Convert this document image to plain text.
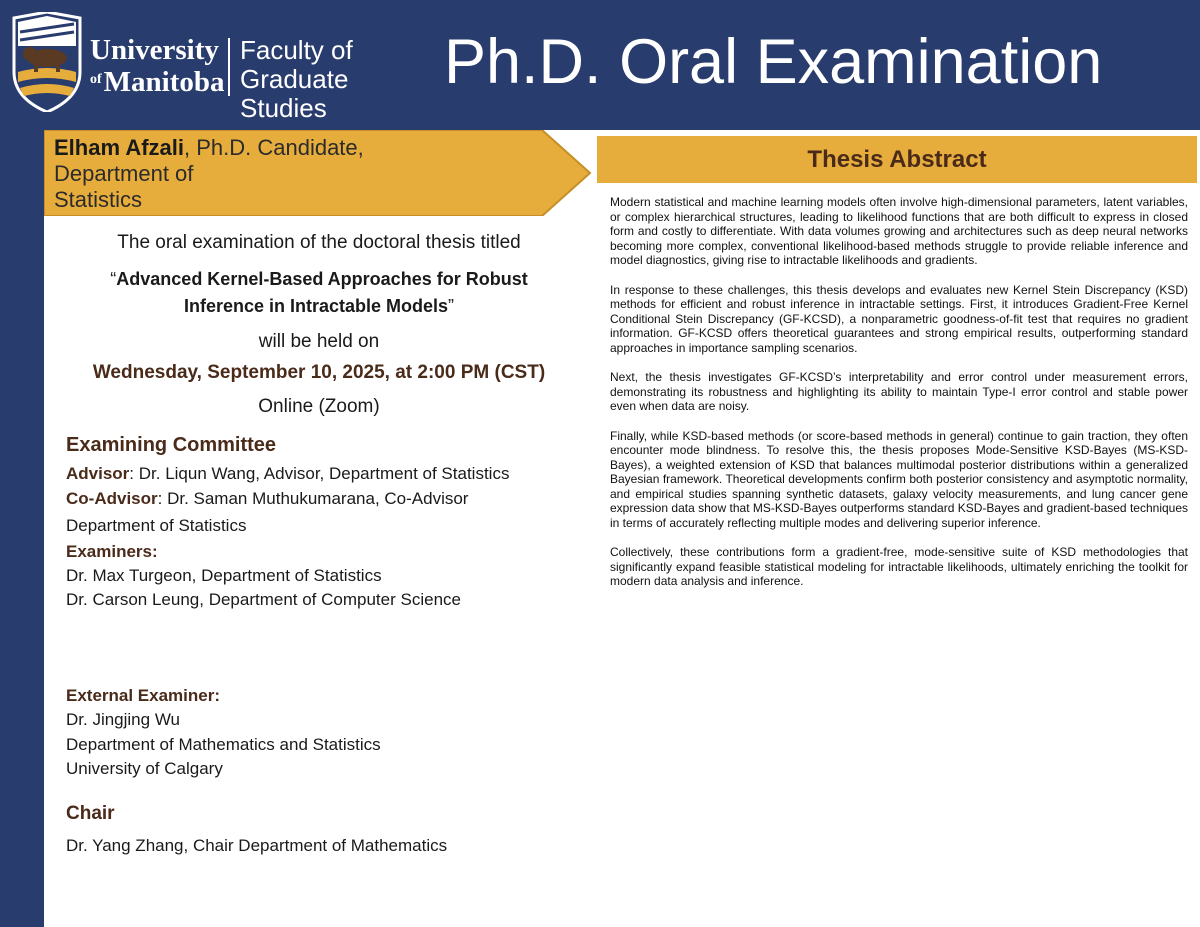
University
$^{of}$Manitoba
Faculty of
Graduate Studies
Ph.D. Oral Examination
Elham Afzali, Ph.D. Candidate,
Department of
Statistics
The oral examination of the doctoral thesis titled
“Advanced Kernel-Based Approaches for Robust
Inference in Intractable Models”
will be held on
Wednesday, September 10, 2025, at 2:00 PM (CST)
Online (Zoom)
Examining Committee
Advisor: Dr. Liqun Wang, Advisor, Department of Statistics
Co-Advisor: Dr. Saman Muthukumarana, Co-Advisor
Department of Statistics
Examiners:
Dr. Max Turgeon, Department of Statistics
Dr. Carson Leung, Department of Computer Science
External Examiner:
Dr. Jingjing Wu
Department of Mathematics and Statistics
University of Calgary
Chair
Dr. Yang Zhang, Chair Department of Mathematics
Thesis Abstract

Modern statistical and machine learning models often involve high-dimensional parameters, latent variables, or complex hierarchical structures, leading to likelihood functions that are both difficult to express in closed form and costly to differentiate. With data volumes growing and architectures such as deep neural networks becoming more complex, conventional likelihood-based methods struggle to provide reliable inference and model diagnostics, giving rise to intractable likelihoods and gradients.

In response to these challenges, this thesis develops and evaluates new Kernel Stein Discrepancy (KSD) methods for efficient and robust inference in intractable settings. First, it introduces Gradient-Free Kernel Conditional Stein Discrepancy (GF-KCSD), a nonparametric goodness-of-fit test that requires no gradient information. GF-KCSD offers theoretical guarantees and strong empirical results, outperforming standard approaches in importance sampling scenarios.

Next, the thesis investigates GF-KCSD’s interpretability and error control under measurement errors, demonstrating its robustness and highlighting its ability to maintain Type-I error control and stable power even when data are noisy.

Finally, while KSD-based methods (or score-based methods in general) continue to gain traction, they often encounter mode blindness. To resolve this, the thesis proposes Mode-Sensitive KSD-Bayes (MS-KSD-Bayes), a weighted extension of KSD that balances multimodal posterior distributions within a generalized Bayesian framework. Theoretical developments confirm both posterior consistency and asymptotic normality, and empirical studies spanning synthetic datasets, galaxy velocity measurements, and lung cancer gene expression data show that MS-KSD-Bayes outperforms standard KSD-Bayes and gradient-based techniques in terms of accurately reflecting multiple modes and delivering superior inference.

Collectively, these contributions form a gradient-free, mode-sensitive suite of KSD methodologies that significantly expand feasible statistical modeling for intractable likelihoods, ultimately enriching the toolkit for modern data analysis and inference.
